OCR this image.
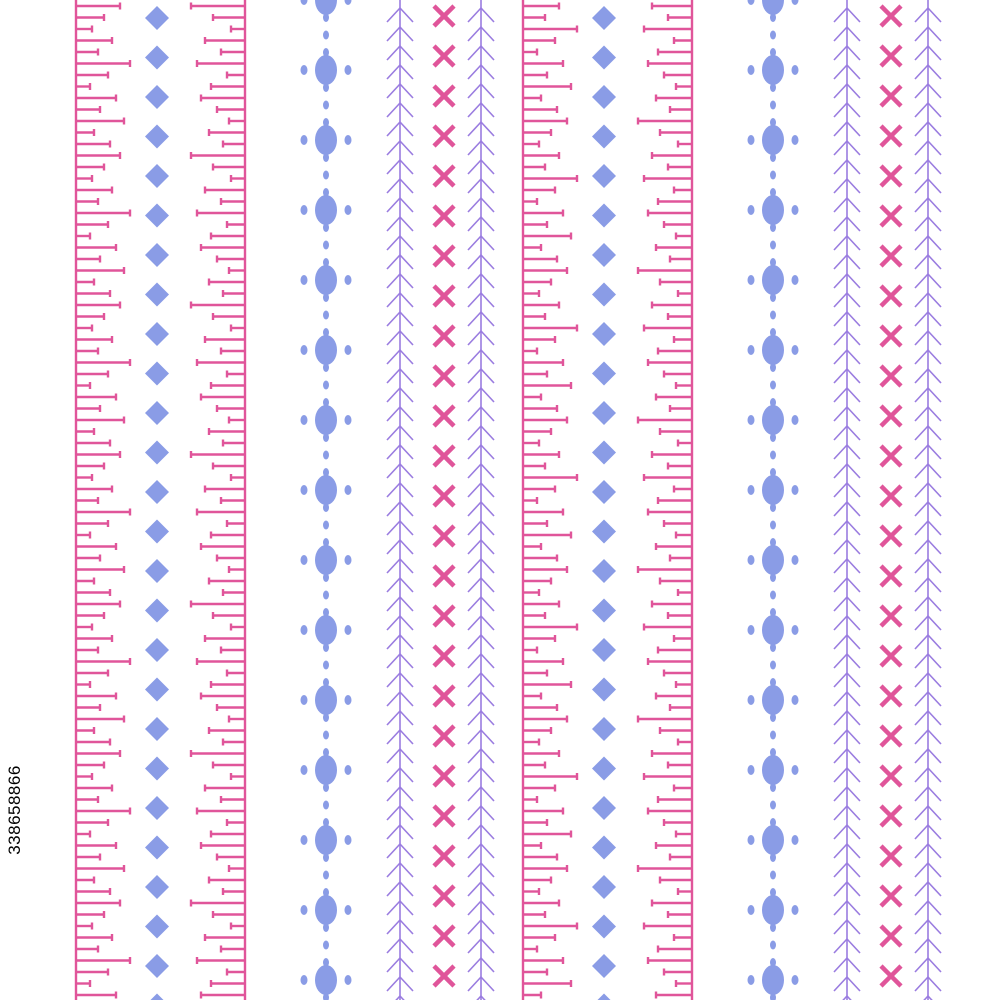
338658866
